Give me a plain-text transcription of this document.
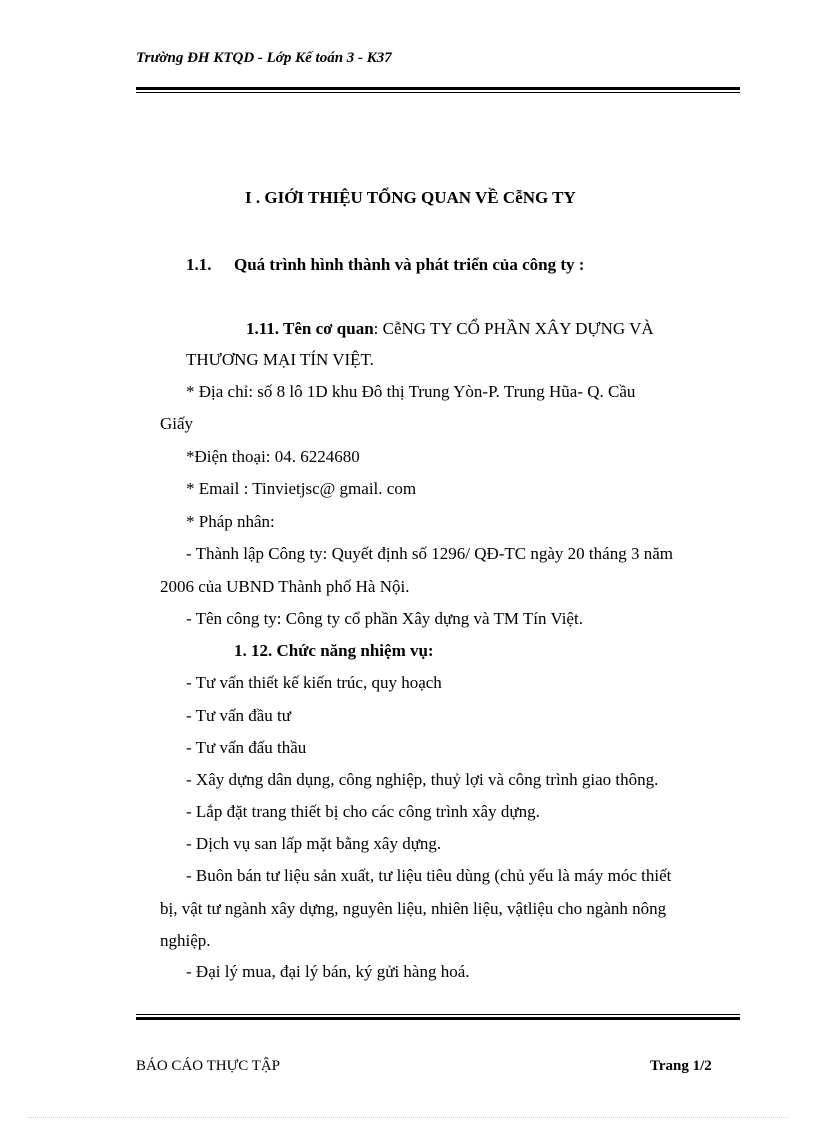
Trường ĐH KTQD - Lớp Kế toán 3 - K37
I . GIỚI THIỆU TỔNG QUAN VỀ CễNG TY
1.1. Quá trình hình thành và phát triển của công ty :
1.11. Tên cơ quan: CễNG TY CỔ PHẦN XÂY DỰNG VÀ
THƯƠNG MẠI TÍN VIỆT.
* Địa chỉ: số 8 lô 1D khu Đô thị Trung Yòn-P. Trung Hũa- Q. Cầu
Giấy
*Điện thoại: 04. 6224680
* Email : Tinvietjsc@ gmail. com
* Pháp nhân:
- Thành lập Công ty: Quyết định số 1296/ QĐ-TC ngày 20 tháng 3 năm
2006 của UBND Thành phố Hà Nội.
- Tên công ty: Công ty cổ phần Xây dựng và TM Tín Việt.
1. 12. Chức năng nhiệm vụ:
- Tư vấn thiết kế kiến trúc, quy hoạch
- Tư vấn đầu tư
- Tư vấn đấu thầu
- Xây dựng dân dụng, công nghiệp, thuỷ lợi và công trình giao thông.
- Lắp đặt trang thiết bị cho các công trình xây dựng.
- Dịch vụ san lấp mặt bằng xây dựng.
- Buôn bán tư liệu sản xuất, tư liệu tiêu dùng (chủ yếu là máy móc thiết
bị, vật tư ngành xây dựng, nguyên liệu, nhiên liệu, vậtliệu cho ngành nông
nghiệp.
- Đại lý mua, đại lý bán, ký gửi hàng hoá.
BÁO CÁO THỰC TẬP	Trang 1/2
